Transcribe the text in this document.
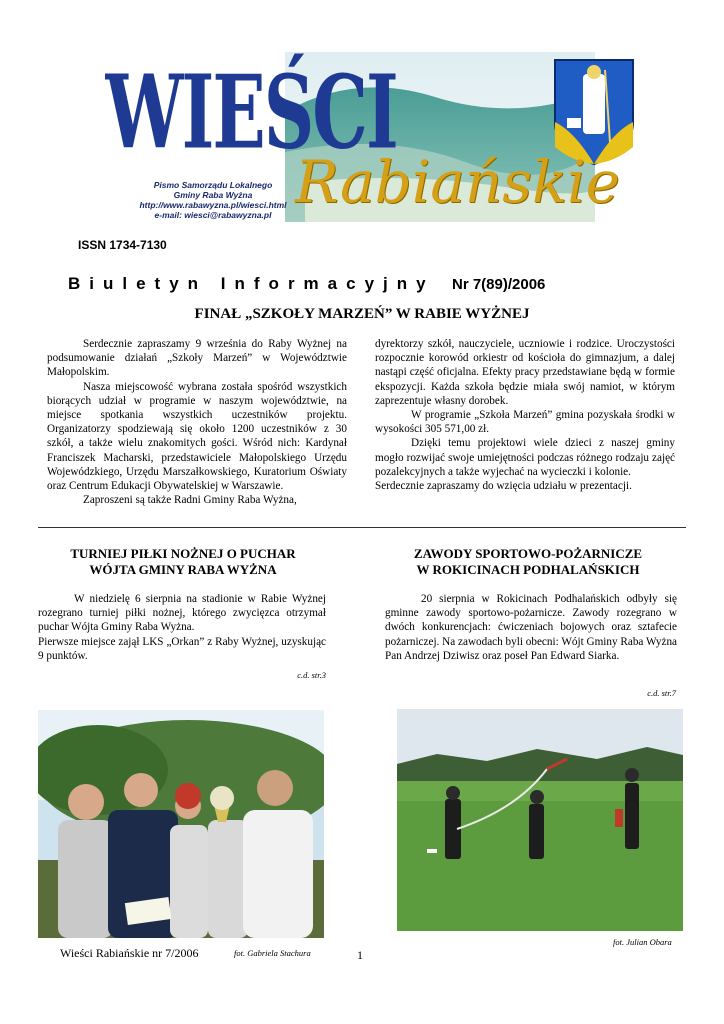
WIEŚCI
Rabiańskie
Pismo Samorządu Lokalnego
Gminy Raba Wyżna
http://www.rabawyzna.pl/wiesci.html
e-mail: wiesci@rabawyzna.pl
ISSN 1734-7130
Biuletyn Informacyjny Nr 7(89)/2006
FINAŁ „SZKOŁY MARZEŃ” W RABIE WYŻNEJ

Serdecznie zapraszamy 9 września do Raby Wyżnej na podsumowanie działań „Szkoły Marzeń” w Województwie Małopolskim.

Nasza miejscowość wybrana została spośród wszystkich biorących udział w programie w naszym województwie, na miejsce spotkania wszystkich uczestników projektu. Organizatorzy spodziewają się około 1200 uczestników z 30 szkół, a także wielu znakomitych gości. Wśród nich: Kardynał Franciszek Macharski, przedstawiciele Małopolskiego Urzędu Wojewódzkiego, Urzędu Marszałkowskiego, Kuratorium Oświaty oraz Centrum Edukacji Obywatelskiej w Warszawie.

Zaproszeni są także Radni Gminy Raba Wyżna,

dyrektorzy szkół, nauczyciele, uczniowie i rodzice. Uroczystości rozpocznie korowód orkiestr od kościoła do gimnazjum, a dalej nastąpi część oficjalna. Efekty pracy przedstawiane będą w formie ekspozycji. Każda szkoła będzie miała swój namiot, w którym zaprezentuje własny dorobek.

W programie „Szkoła Marzeń” gmina pozyskała środki w wysokości 305 571,00 zł.

Dzięki temu projektowi wiele dzieci z naszej gminy mogło rozwijać swoje umiejętności podczas różnego rodzaju zajęć pozalekcyjnych a także wyjechać na wycieczki i kolonie.

Serdecznie zapraszamy do wzięcia udziału w prezentacji.

TURNIEJ PIŁKI NOŻNEJ O PUCHAR
WÓJTA GMINY RABA WYŻNA

W niedzielę 6 sierpnia na stadionie w Rabie Wyżnej rozegrano turniej piłki nożnej, którego zwycięzca otrzymał puchar Wójta Gminy Raba Wyżna.

Pierwsze miejsce zajął LKS „Orkan” z Raby Wyżnej, uzyskując 9 punktów.

c.d. str.3
ZAWODY SPORTOWO-POŻARNICZE
W ROKICINACH PODHALAŃSKICH

20 sierpnia w Rokicinach Podhalańskich odbyły się gminne zawody sportowo-pożarnicze. Zawody rozegrano w dwóch konkurencjach: ćwiczeniach bojowych oraz sztafecie pożarniczej. Na zawodach byli obecni: Wójt Gminy Raba Wyżna Pan Andrzej Dziwisz oraz poseł Pan Edward Siarka.

c.d. str.7
fot. Gabriela Stachura
fot. Julian Obara
Wieści Rabiańskie nr 7/2006	1
